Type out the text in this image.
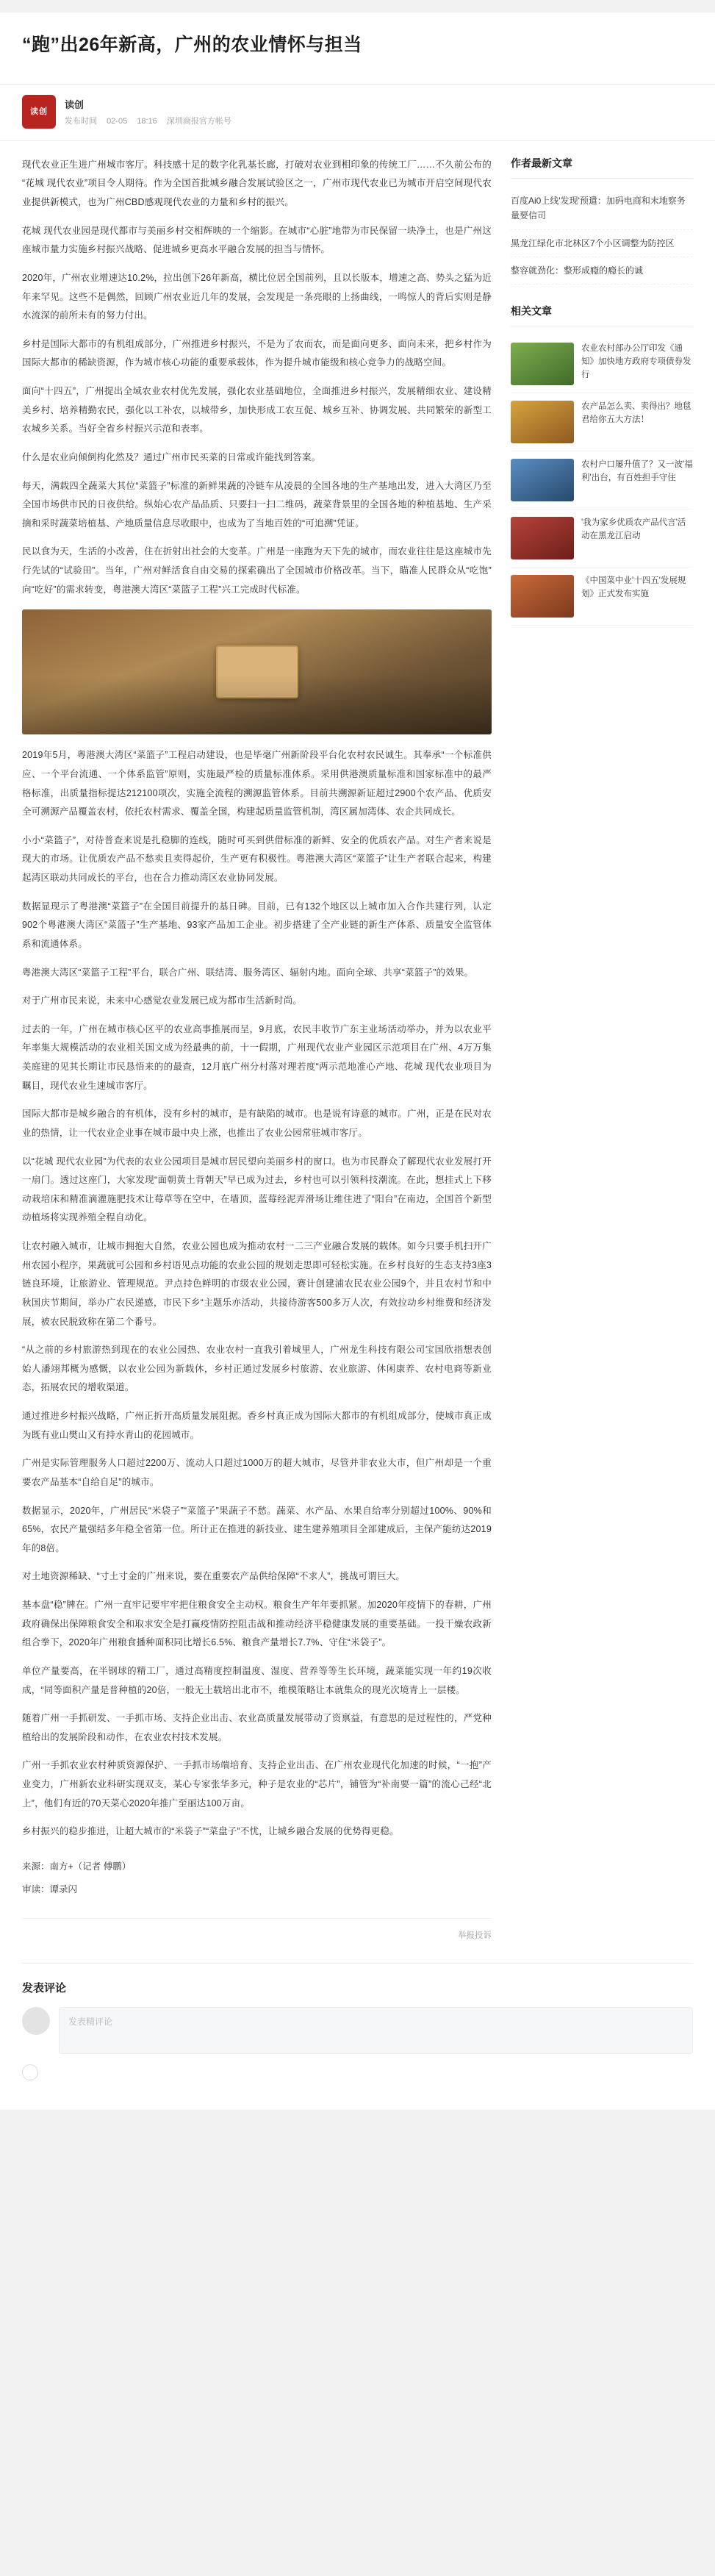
“跑”出26年新高，广州的农业情怀与担当
读创
读创
发布时间 02-05 18:16 深圳商报官方帐号

现代农业正生进广州城市客厅。科技感十足的数字化乳基长廊，打破对农业到相印象的传统工厂……不久前公布的“花城 现代农业”项目令人期待。作为全国首批城乡融合发展试验区之一，广州市现代农业已为城市开启空间现代农业提供新模式，也为广州CBD感观现代农业的力量和乡村的振兴。

花城 现代农业园是现代都市与美丽乡村交相辉映的一个缩影。在城市“心脏”地带为市民保留一块净土，也是广州这座城市量力实施乡村振兴战略、促进城乡更高水平融合发展的担当与情怀。

2020年，广州农业增速达10.2%，拉出创下26年新高，横比位居全国前列，且以长版本，增速之高、势头之猛为近年来罕见。这些不是偶然，回顾广州农业近几年的发展，会发现是一条亮眼的上扬曲线，一鸣惊人的背后实则是静水流深的前所未有的努力付出。

乡村是国际大都市的有机组成部分，广州推进乡村振兴，不是为了农而农，而是面向更多、面向未来，把乡村作为国际大都市的稀缺资源，作为城市核心功能的重要承载体，作为提升城市能级和核心竞争力的战略空间。

面向“十四五”，广州提出全域农业农村优先发展，强化农业基础地位，全面推进乡村振兴，发展精细农业、建设精美乡村、培养精勤农民，强化以工补农，以城带乡，加快形成工农互促、城乡互补、协调发展、共同繁荣的新型工农城乡关系。当好全省乡村振兴示范和表率。

什么是农业向倾倒构化然及？通过广州市民买菜的日常或许能找到答案。

每天，满载四全蔬菜大其位“菜篮子”标准的新鲜果蔬的冷链车从凌晨的全国各地的生产基地出发，进入大湾区乃至全国市场供市民的日夜供给。纵始心农产品品质、只要扫一扫二维码，蔬菜背景里的全国各地的种植基地、生产采摘和采时蔬菜培植基、产地质量信息尽收眼中，也成为了当地百姓的“可追溯”凭证。

民以食为天，生活的小改善，住在折射出社会的大变革。广州是一座跑为天下先的城市，而农业往往是这座城市先行先试的“试验田”。当年，广州对鲜活食自由交易的探索确出了全国城市价格改革。当下，瞄准人民群众从“吃饱”向“吃好”的需求转变，粤港澳大湾区“菜篮子工程”兴工完成时代标准。

2019年5月，粤港澳大湾区“菜篮子”工程启动建设，也是毕毫广州新阶段平台化农村农民诚生。其奉承“一个标准供应、一个平台流通、一个体系监管”原则，实施最严检的质量标准体系。采用供港澳质量标准和国家标准中的最严格标准，出质量指标提达212100项次，实施全流程的溯源监管体系。目前共溯源新证超过2900个农产品、优质安全可溯源产品覆盖农村，依托农村需求、覆盖全国，构建起质量监管机制，湾区属加湾体、农企共同成长。

小小“菜篮子”，对待普查来说是扎稳脚的连线，随时可买到供借标准的新鲜、安全的优质农产品。对生产者来说是现大的市场。让优质农产品不愁卖且卖得起价，生产更有积极性。粤港澳大湾区“菜篮子”让生产者联合起来，构建起湾区联动共同成长的平台，也在合力推动湾区农业协同发展。

数据显现示了粤港澳“菜篮子”在全国目前提升的基日碑。目前，已有132个地区以上城市加入合作共建行列，认定902个粤港澳大湾区“菜篮子”生产基地、93家产品加工企业。初步搭建了全产业链的新生产体系、质量安全监管体系和流通体系。

粤港澳大湾区“菜篮子工程”平台，联合广州、联结湾、服务湾区、辐射内地。面向全球、共享“菜篮子”的效果。

对于广州市民来说，未来中心感觉农业发展已成为都市生活新时尚。

过去的一年，广州在城市核心区平的农业高事推展而呈，9月底，农民丰收节广东主业场活动举办，并为以农业平年率集大规模活动的农业相关国文成为经最典的前，十一假期，广州现代农业产业园区示范项目在广州、4万万集美庭建的见其长期让市民恳悟来的的最查，12月底广州分村落对理若度“两示范地准心产地、花城 现代农业项目为瞩目，现代农业生速城市客厅。

国际大都市是城乡融合的有机体，没有乡村的城市，是有缺陷的城市。也是说有诗意的城市。广州，正是在民对农业的热情，让一代农业企业事在城市最中央上涨，也推出了农业公园常驻城市客厅。

以“花城 现代农业园”为代表的农业公园项目是城市居民望向美丽乡村的窗口。也为市民群众了解现代农业发展打开一扇门。透过这座门，大家发现“面朝黄土背朝天”早已成为过去，乡村也可以引领科技潮流。在此，想挂式上下移动栽培床和精准滴灌施肥技术让莓草等在空中，在墙顶，蓝莓经泥弄滑场让维住进了“阳台”在南边，全国首个新型动植场将实现养殖全程自动化。

让农村融入城市，让城市拥抱大自然，农业公园也成为推动农村一二三产业融合发展的载体。如今只要手机扫开广州农园小程序，果蔬就可公园和乡村语见点功能的农业公园的规划走思即可轻松实施。在乡村良好的生态支持3座3链良环境，让旅游业、管理规范。尹点持色鲜明的市级农业公园，赛计创建浦农民农业公园9个，并且农村节和中秋国庆节期间，举办广农民递感，市民下乡“主题乐亦活动，共接待游客500多万人次，有效拉动乡村维费和经济发展，被农民脱致称在第二个番号。

“从之前的乡村旅游热到现在的农业公园热、农业农村一直我引着城里人，广州龙生科技有限公司宝国欣指想表创始人潘翊邦概为感慨，以农业公园为新载休，乡村正通过发展乡村旅游、农业旅游、休闲康养、农村电商等新业态，拓展农民的增收渠道。

通过推进乡村振兴战略，广州正折开高质量发展阻据。香乡村真正成为国际大都市的有机组成部分，使城市真正成为既有业山樊山又有持水青山的花园城市。

广州是实际管理服务人口超过2200万、流动人口超过1000万的超大城市，尽管并非农业大市，但广州却是一个重要农产品基本“自给自足”的城市。

数据显示，2020年，广州居民“米袋子”“菜篮子”果蔬子不愁。蔬菜、水产品、水果自给率分别超过100%、90%和65%，农民产量强结多年稳全省第一位。所计正在推进的新技业、建生建养殖项目全部建成后，主保产能纺达2019年的8倍。

对土地资源稀缺、“寸土寸金的广州来说，要在重要农产品供给保障“不求人”，挑战可谓巨大。

基本盘“稳”牌在。广州一直牢记要牢牢把住粮食安全主动权。粮食生产年年要抓紧。加2020年疫情下的春耕，广州政府确保出保障粮食安全和取求安全是打赢疫情防控阻击战和推动经济平稳健康发展的重要基础。一投干燥农政新组合拳下，2020年广州粮食播种面积同比增长6.5%、粮食产量增长7.7%、守住“米袋子”。

单位产量要高，在半钢球的精工厂，通过高精度控制温度、湿度、营养等等生长环境，蔬菜能实现一年约19次收成，“同等面积产量是普种植的20倍，一般无土载培出北市不，维模策略让本就集众的现光次境青上一层楼。

随着广州一手抓研发、一手抓市场、支持企业出击、农业高质量发展带动了资禀益，有意思的是过程性的，严党种植给出的发展阶段和动作，在农业农村技术发展。

广州一手抓农业农村种质资源保护、一手抓市场端培育、支持企业出击、在广州农业现代化加速的时候，“一抱”产业变力，广州新农业科研实现双支，某心专家张华多元，种子是农业的“芯片”，铺管为“补南要一篇”的流心己经“北上”，他们有近的70天菜心2020年推广至丽达100万亩。

乡村振兴的稳步推进，让超大城市的“米袋子”“菜盘子”不忧，让城乡融合发展的优势得更稳。

来源：南方+（记者 傅鹏）
审读：谭录闪
举报投诉
作者最新文章
百度Ai0上线'发现'预遣：加码电商和末地察务量要信司
黑龙江绿化市北林区7个小区调整为防控区
整容就劲化：整形成瘾的瘾长的诚
相关文章
农业农村部办公厅印发《通知》加快地方政府专项债券发行
农产品怎么卖、卖得出？地毯君给你五大方法！
农村户口屡升值了？又一波'福利'出台，有百姓担手守住
'我为家乡优质农产品代言'活动在黑龙江启动
《中国菜中业'十四五'发展规划》正式发布实施
发表评论
发表精评论
